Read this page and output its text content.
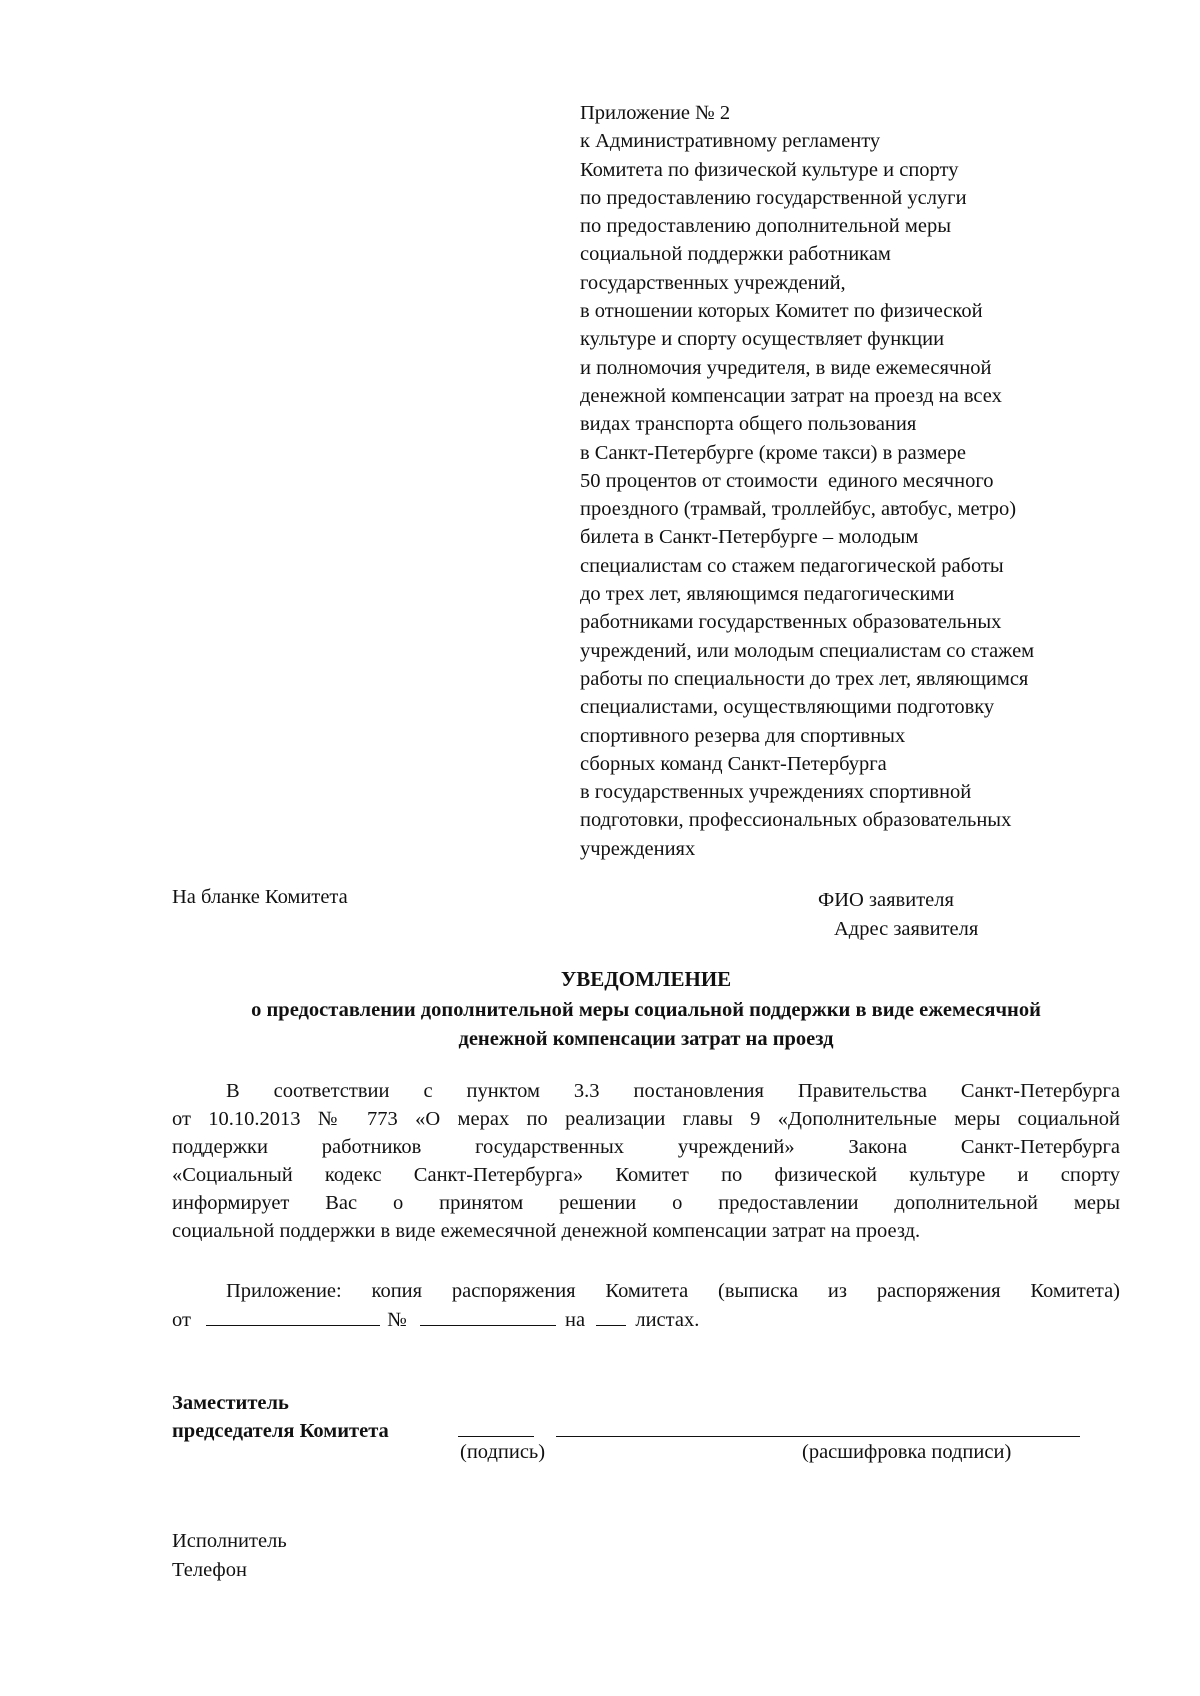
Приложение № 2
к Административному регламенту
Комитета по физической культуре и спорту
по предоставлению государственной услуги
по предоставлению дополнительной меры
социальной поддержки работникам
государственных учреждений,
в отношении которых Комитет по физической
культуре и спорту осуществляет функции
и полномочия учредителя, в виде ежемесячной
денежной компенсации затрат на проезд на всех
видах транспорта общего пользования
в Санкт-Петербурге (кроме такси) в размере
50 процентов от стоимости  единого месячного
проездного (трамвай, троллейбус, автобус, метро)
билета в Санкт-Петербурге – молодым
специалистам со стажем педагогической работы
до трех лет, являющимся педагогическими
работниками государственных образовательных
учреждений, или молодым специалистам со стажем
работы по специальности до трех лет, являющимся
специалистами, осуществляющими подготовку
спортивного резерва для спортивных
сборных команд Санкт-Петербурга
в государственных учреждениях спортивной
подготовки, профессиональных образовательных
учреждениях
На бланке Комитета	ФИО заявителя
Адрес заявителя
УВЕДОМЛЕНИЕ
о предоставлении дополнительной меры социальной поддержки в виде ежемесячной
денежной компенсации затрат на проезд
В соответствии с пунктом 3.3 постановления Правительства Санкт-Петербурга
от 10.10.2013 № 773 «О мерах по реализации главы 9 «Дополнительные меры социальной
поддержки работников государственных учреждений» Закона Санкт-Петербурга
«Социальный кодекс Санкт-Петербурга» Комитет по физической культуре и спорту
информирует Вас о принятом решении о предоставлении дополнительной меры
социальной поддержки в виде ежемесячной денежной компенсации затрат на проезд.
Приложение: копия распоряжения Комитета (выписка из распоряжения Комитета)
от	№	на листах.
Заместитель
председателя Комитета
(подпись)	(расшифровка подписи)
Исполнитель
Телефон
